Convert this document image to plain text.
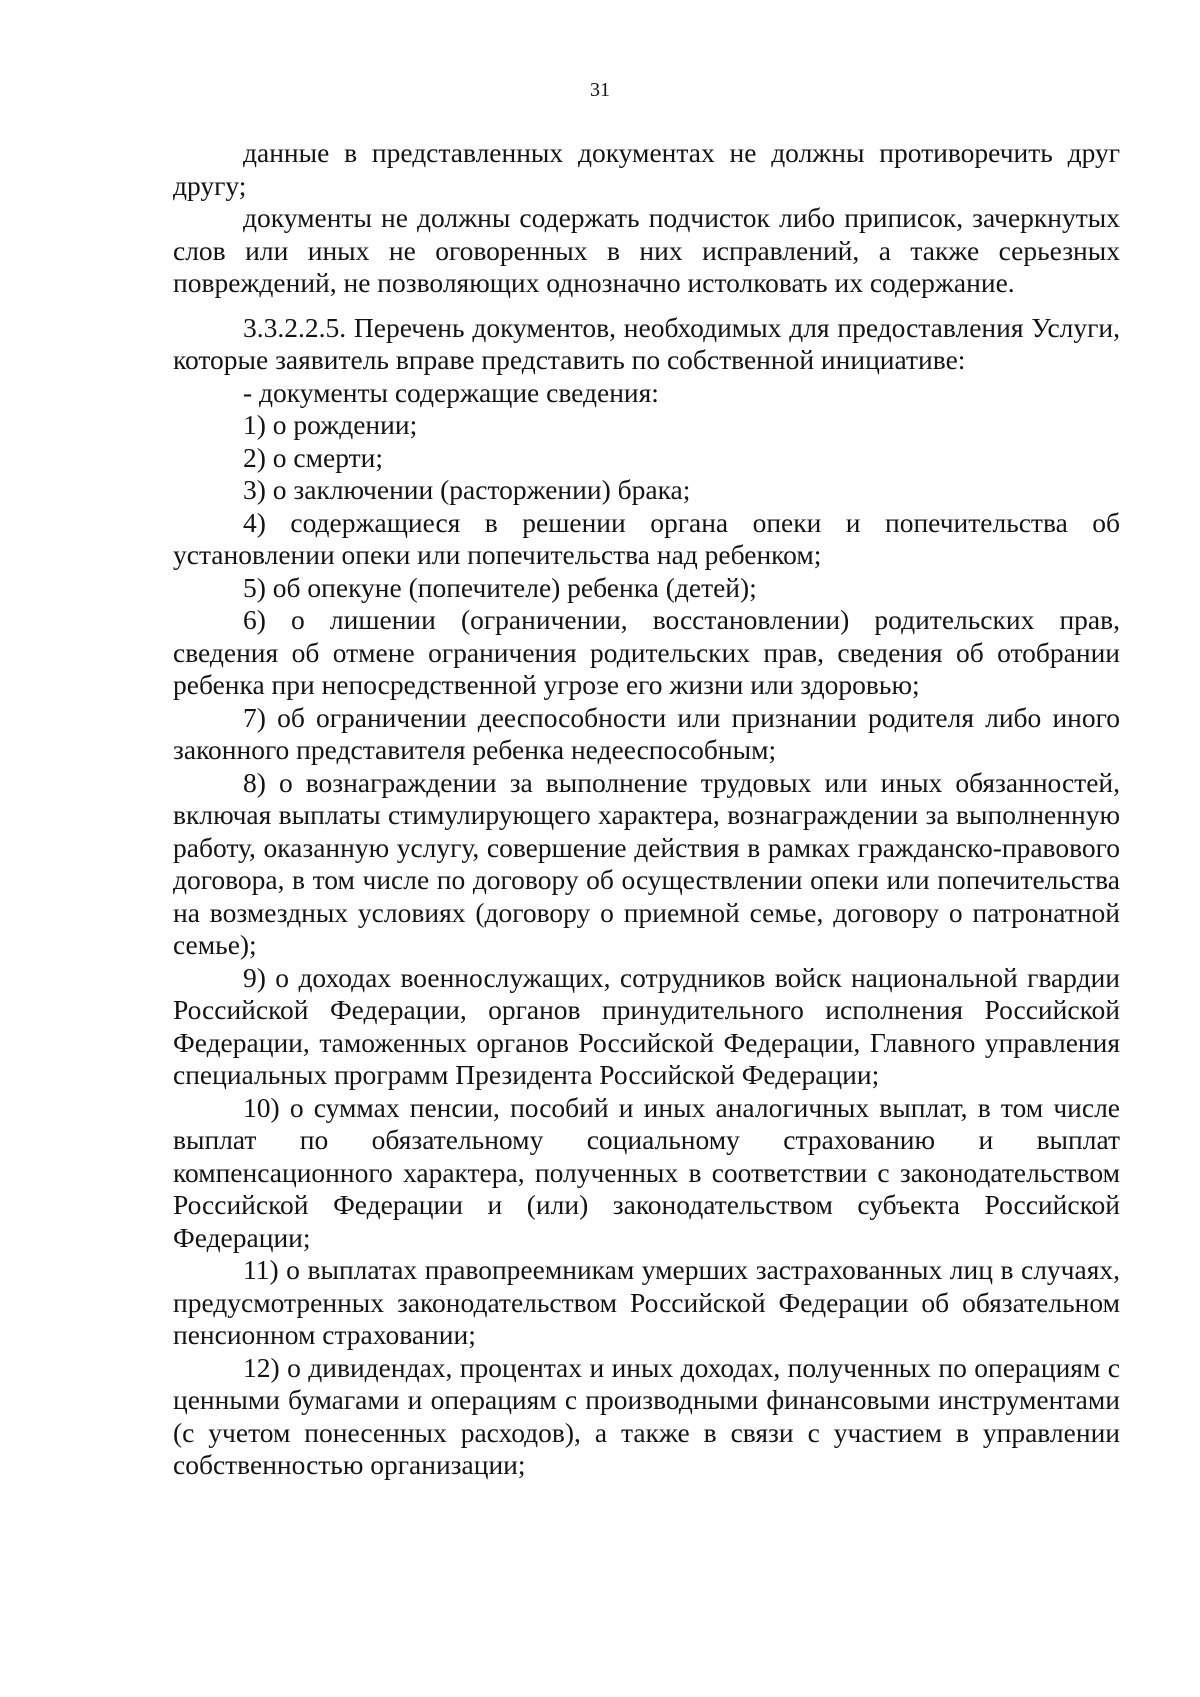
31

данные в представленных документах не должны противоречить друг другу;

документы не должны содержать подчисток либо приписок, зачеркнутых слов или иных не оговоренных в них исправлений, а также серьезных повреждений, не позволяющих однозначно истолковать их содержание.

3.3.2.2.5. Перечень документов, необходимых для предоставления Услуги, которые заявитель вправе представить по собственной инициативе:

- документы содержащие сведения:

1) о рождении;

2) о смерти;

3) о заключении (расторжении) брака;

4) содержащиеся в решении органа опеки и попечительства об установлении опеки или попечительства над ребенком;

5) об опекуне (попечителе) ребенка (детей);

6) о лишении (ограничении, восстановлении) родительских прав, сведения об отмене ограничения родительских прав, сведения об отобрании ребенка при непосредственной угрозе его жизни или здоровью;

7) об ограничении дееспособности или признании родителя либо иного законного представителя ребенка недееспособным;

8) о вознаграждении за выполнение трудовых или иных обязанностей, включая выплаты стимулирующего характера, вознаграждении за выполненную работу, оказанную услугу, совершение действия в рамках гражданско-правового договора, в том числе по договору об осуществлении опеки или попечительства на возмездных условиях (договору о приемной семье, договору о патронатной семье);

9) о доходах военнослужащих, сотрудников войск национальной гвардии Российской Федерации, органов принудительного исполнения Российской Федерации, таможенных органов Российской Федерации, Главного управления специальных программ Президента Российской Федерации;

10) о суммах пенсии, пособий и иных аналогичных выплат, в том числе выплат по обязательному социальному страхованию и выплат компенсационного характера, полученных в соответствии с законодательством Российской Федерации и (или) законодательством субъекта Российской Федерации;

11) о выплатах правопреемникам умерших застрахованных лиц в случаях, предусмотренных законодательством Российской Федерации об обязательном пенсионном страховании;

12) о дивидендах, процентах и иных доходах, полученных по операциям с ценными бумагами и операциям с производными финансовыми инструментами (с учетом понесенных расходов), а также в связи с участием в управлении собственностью организации;
